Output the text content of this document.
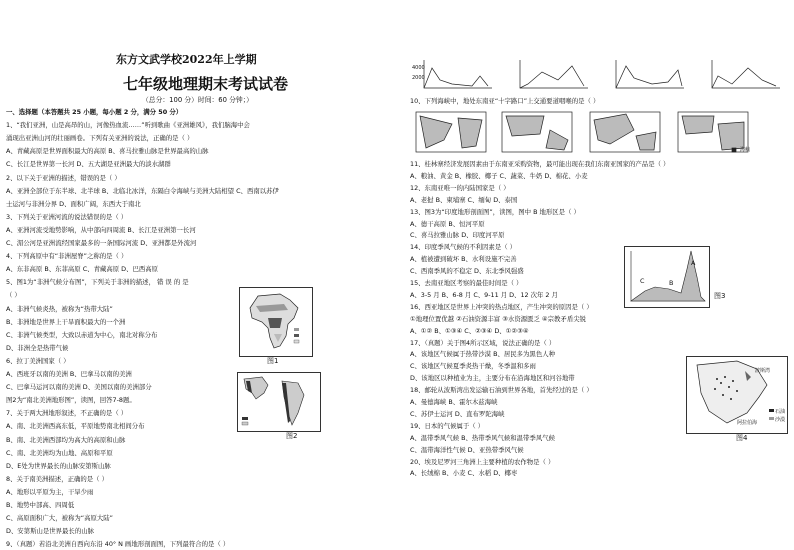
东方文武学校2022年上学期
七年级地理期末考试试卷
（总分：100 分）时间：60 分钟；）
一、选择题（本答题共 25 小题，每小题 2 分，满分 50 分）
1、“我们亚洲，山是高昂的山，河像热血流……”听到歌曲《亚洲雄风》，我们脑海中会
涌现出亚洲山河的壮丽画卷。下列有关亚洲的说法，正确的是（ ）
A、青藏高原是世界面积最大的高原 B、喜马拉雅山脉是世界最高的山脉
C、长江是世界第一长河 D、五大湖是亚洲最大的淡水湖群
2、以下关于亚洲的描述，错误的是（ ）
A、亚洲全部位于东半球、北半球 B、北临北冰洋，东隔白令海峡与美洲大陆相望 C、西南以苏伊
士运河与非洲分界 D、面积广阔，东西大于南北
3、下列关于亚洲河流的说法错误的是（ ）
A、亚洲河流受地势影响，从中部向四周流 B、长江是亚洲第一长河
C、湄公河是亚洲流经国家最多的一条国际河流 D、亚洲都是外流河
4、下列高原中有“非洲屋脊”之称的是（ ）
A、东非高原 B、东菲高原 C、青藏高原 D、巴西高原
5、图1为“非洲气候分布图”，下列关于非洲的描述， 错 误 的 是
（ ）
A、非洲气候炎热，被称为“热带大陆”
B、非洲地是世界上干旱面积最大的一个洲
C、非洲气候类型，大致以赤道为中心，南北对称分布
D、非洲全是热带气候
6、拉丁美洲国家（ ）
A、西班牙以南的美洲 B、巴拿马以南的美洲
C、巴拿马运河以南的美洲 D、美国以南的美洲部分
图2为“南北美洲地形图”，读图，回答7-8题。
7、关于两大洲地形叙述，不正确的是（ ）
A、南、北美洲西高东低，平原地势南北相间分布
B、南、北美洲西部均为高大的高原和山脉
C、南、北美洲均为山地、高原和平原
D、E处为世界最长的山脉安第斯山脉
8、关于南美洲描述，正确的是（ ）
A、地形以平原为主，干旱少雨
B、地势中部高、四周低
C、高原面积广大，被称为“高原大陆”
D、安第斯山是世界最长的山脉
9、（真题）若沿北美洲自西向东沿 40° N 画地形剖面图，下列最符合的是（ ）
图1
图2
4000
2000
10、下列海峡中，地处东南亚“十字路口”上交通要道咽喉的是（ ）
11、桂林寨经济发展因素由于东南亚采购资物，最可能出现在我们东南亚国家的产品是（ ）
A、粮油、黄金 B、橡胶、椰子 C、蔬菜、牛奶 D、棉花、小麦
12、东南亚唯一的内陆国家是（ ）
A、老挝 B、柬埔寨 C、缅甸 D、泰国
13、图3为“印度地形剖面图”，读图，图中 B 地形区是（ ）
A、德干高原 B、恒河平原
C、喜马拉雅山脉 D、印度河平原
14、印度季风气候的不利因素是（ ）
A、植被遭到破坏 B、水利设施不完善
C、西南季风的不稳定 D、东北季风强盛
15、去南亚地区考察的最佳时间是（ ）
A、3-5 月 B、6-8 月 C、9-11 月 D、12 次年 2 月
16、西亚地区是世界上冲突的热点地区，产生冲突的原因是（ ）
①地理位置优越 ②石油资源丰富 ③水资源匮乏 ④宗教矛盾尖锐
A、①② B、①③④ C、②③④ D、①②③④
17、（真题）关于图4所示区域，说法正确的是（ ）
A、该地区气候属于热带沙漠 B、居民多为黑色人种
C、该地区气候夏季炎热干燥，冬季温和多雨
D、该地区以种植业为主，主要分布在沿海地区和河谷地带
18、邮轮从波斯湾出发运输石油到世界各地，首先经过的是（ ）
A、曼德海峡 B、霍尔木兹海峡
C、苏伊士运河 D、直布罗陀海峡
19、日本的气候属于（ ）
A、温带季风气候 B、热带季风气候和温带季风气候
C、温带海洋性气候 D、亚热带季风气候
20、埃及尼罗河三角洲上主要种植的农作物是（ ）
A、长绒棉 B、小麦 C、水稻 D、椰枣
海峡
C	B
A
图3
波斯湾
阿拉伯海
石油
沙漠
图4
